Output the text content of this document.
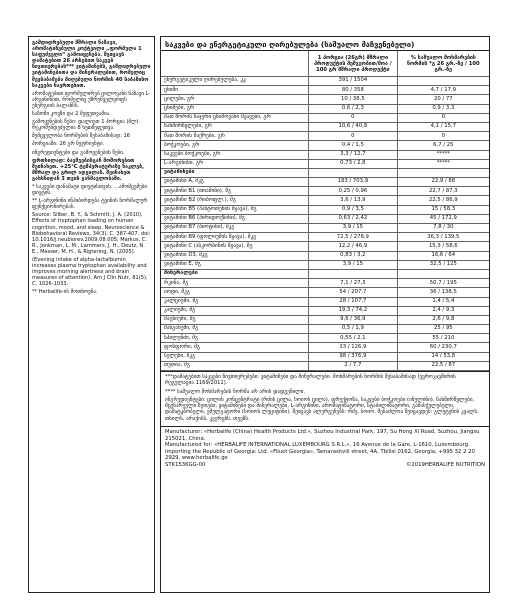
გამდიდრებული მშრალი ნაზავი, არომატიზებული კოქტეილი „ფორმულა 1 საფუძველი“ გამოიყენება. შეიცავს დამატებით 26 არსებით საკვებ ნივთიერებას*** ვიტამინებს, გამდიდრებული ვიტამინებითა და მინერალებით, რომელიც შეესაბამება მიღებული ნორმის 40 საბაზისო საკვები ნაერთებით.

არომატებით ფორმულირებ ცილოვანი ნაზავი L-არგინინით, რომელიც უზრუნველყოფს ენერგიის ბალანსს.

საზომი კოვზი და 2 შეფუთვაშია.

გამოყენების წესი: დალიეთ 1 პორცია (მლ). რეკომენდებულია 8 ხუთშეფუთვა.

შემცველობა ნორმების შესაბამისად: 16

პორციაში: 26 გრ ნუტრიენტი.

ინგრედიენტები და გამოყენების წესი.

ფრთხილად: ბავშვებისგან მოშორებით შეინახეთ. +25°C ტემპერატურაზე ნაკლებ, მშრალ და გრილ ადგილას. შეინახეთ გახსნიდან 3 თვის განმავლობაში.

* საკვები დანამატი დიეტისთვის. ...ამომცემები დიეტის.

** L-არგინინი ინჰიბირდება ტვინის ნორმალურ ფუნქციონირებას.

Source: Silber, B. Y., & Schmitt, J. A. (2010). Effects of tryptophan loading on human cognition, mood, and sleep. Neuroscience & Biobehavioral Reviews, 34(3), C. 387-407. doi: 10.1016/j.neubiorev.2009.08.005; Markus, C. R., Jonkman, L. M., Lammers, J. H., Deutz, N. E., Messer, M. H., & Rigtering, N. (2005).

(Evening intake of alpha-lactalbumin increases plasma tryptophan availability and improves morning alertness and brain measures of attention). Am J Clin Nutr, 81(5), C. 1026-1033.

** Herbalife-ის მოთხოვნა.

საკვები და ენერგეტიკული ღირებულება (საშუალო მაჩვენებელი)
	1 პორცია (26გრ) მშრალი პროდუქტის მეშვეობით/მოა / 100 გრ მშრალი პროდუქტი	% საშუალო მოხმარების ნორმის *გ 26 გრ.-ზე / 100 გრ.-ზე
ენერგეტიკული ღირებულება, კკ	391 / 1504	
ცხიმი	80 / 358	4,7 / 17,9
ცილები, გრ	10 / 38,5	20 / 77
ცხიმები, გრ	0,6 / 2,3	0,9 / 3,3
მათ შორის ნაჯერი ცხიმოვანი მჟავები, გრ	0	0
ნახშირწყლები, გრ	10,6 / 40,8	4,1 / 15,7
მათ შორის შაქრები, გრ	0	0
ბოჭკოები, გრ	0,4 / 1,5	6,7 / 25
საკვები ბოჭკოები, გრ	3,3 / 12,7	*****
L-არგინინი, გრ	0,73 / 2,8	*****
ვიტამინები		
ვიტამინი A, მკგ	183 / 703,9	22,9 / 88
ვიტამინი B1 (თიამინი), მგ	0,25 / 0,96	22,7 / 87,3
ვიტამინი B2 (რიბოფლ.), მგ	3,6 / 13,9	22,5 / 86,9
ვიტამინი B5 (პანტოთენის მჟავა), მგ	0,9 / 3,5	15 / 58,3
ვიტამინი B6 (პირიდოქსინი), მგ	0,63 / 2,42	45 / 172,9
ვიტამინი B7 (ბიოტინი), მკგ	3,9 / 15	7,8 / 30
ვიტამინი B9 (ფოლიუმის მჟავა), მკგ	72,5 / 278,9	36,3 / 139,5
ვიტამინი C (ასკორბინის მჟავა), მგ	12,2 / 46,9	15,3 / 58,6
ვიტამინი D3, მკგ	0,83 / 3,2	16,6 / 64
ვიტამინი E, მგ	3,9 / 15	32,5 / 125
მინერალები		
რკინა, მგ	7,1 / 27,3	50,7 / 195
იოდი, მკგ	54 / 207,7	36 / 138,5
კალციუმი, მგ	28 / 107,7	1,4 / 5,4
კალიუმი, მგ	19,3 / 74,2	2,4 / 9,3
მაგნიუმი, მგ	9,6 / 36,9	2,6 / 9,8
მანგანუმი, მგ	0,5 / 1,9	25 / 95
სპილენძი, მგ	0,55 / 2,1	55 / 210
ფოსფორი, მგ	33 / 126,9	60 / 230,7
სელენი, მკგ	98 / 376,9	14 / 53,8
თუთია, მგ	2 / 7,7	22,5 / 87

***დამატებით საკვები ნივთიერებები: ვიტამინები და მინერალები. მოხმარების ნორმის შესაბამისად (ევროკავშირის რეგულაცია 1169/2011).

**** საშუალო მოხმარების ნორმა არ არის დადგენილი.

ინგრედიენტები: ცილის კონცენტრატი (რძის ცილა, სოიოს ცილა), ფრუქტოზა, საკვები ბოჭკოები (ინულინი), ნახშირწყლები, მცენარეული ზეთები, ვიტამინები და მინერალები, L-არგინინი, არომატიზატორი, სტაბილიზატორი, გამასქელებელი, დამატკბობელი, ემულგატორი (სოიოს ლეციტინი). შეიცავს ალერგენებს: რძე, სოიო. შესაძლოა შეიცავდეს: გლუტენის კვალს, თხილს, არაქისს, კვერცხს, თევზს.

Manufacturer: «Herbalife (China) Health Products Ltd.», Suzhou Industrial Park, 197, Su Hong Xi Road, Suzhou, Jiangsu 215021, China.

Manufactured for: «HERBALIFE INTERNATIONAL LUXEMBOURG S.R.L.», 16 Avenue de la Gare, L-1610, Luxembourg.

Importing the Republic of Georgia: Ltd. «Filuet Georgia», Tamarashvili street, 4A, Tbilisi 0162, Georgia, +995 32 2 20 2929, www.herbalife.ge

STK1536GG-00	©2019HERBALIFE NUTRITION
